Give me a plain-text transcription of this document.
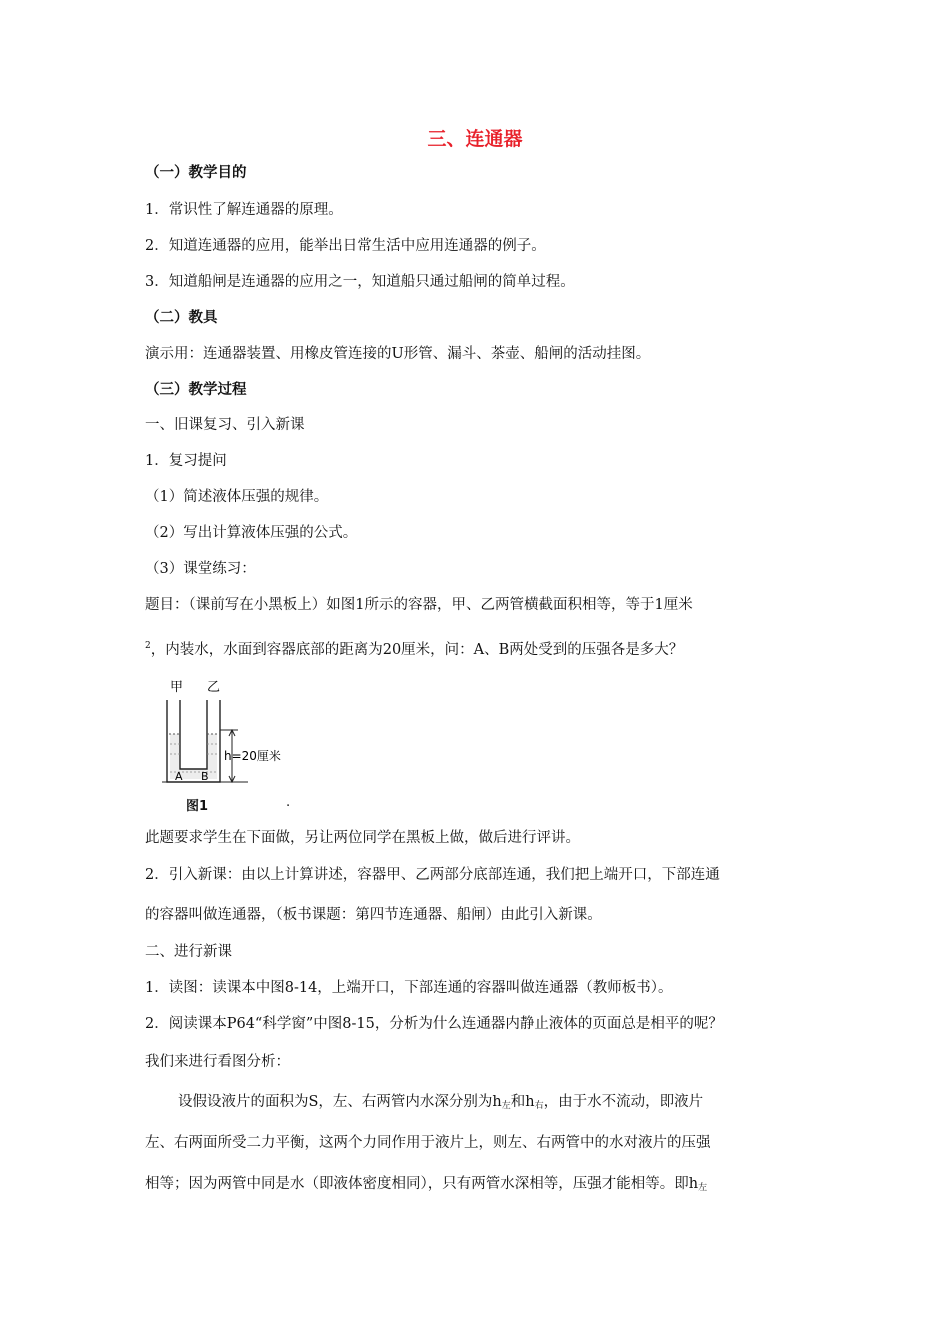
三、连通器
（一）教学目的
1．常识性了解连通器的原理。
2．知道连通器的应用，能举出日常生活中应用连通器的例子。
3．知道船闸是连通器的应用之一，知道船只通过船闸的简单过程。
（二）教具
演示用：连通器装置、用橡皮管连接的U形管、漏斗、茶壶、船闸的活动挂图。
（三）教学过程
一、旧课复习、引入新课
1．复习提问
（1）简述液体压强的规律。
（2）写出计算液体压强的公式。
（3）课堂练习：
题目：（课前写在小黑板上）如图1所示的容器，甲、乙两管横截面积相等，等于1厘米
$^2$，内装水，水面到容器底部的距离为20厘米，问：A、B两处受到的压强各是多大？
甲 乙
A B
h=20厘米
图1	.
此题要求学生在下面做，另让两位同学在黑板上做，做后进行评讲。
2．引入新课：由以上计算讲述，容器甲、乙两部分底部连通，我们把上端开口，下部连通
的容器叫做连通器，（板书课题：第四节连通器、船闸）由此引入新课。
二、进行新课
1．读图：读课本中图8-14，上端开口，下部连通的容器叫做连通器（教师板书）。
2．阅读课本P64“科学窗”中图8-15，分析为什么连通器内静止液体的页面总是相平的呢？
我们来进行看图分析：
设假设液片的面积为S，左、右两管内水深分别为$h_左$和$h_右$，由于水不流动，即液片
左、右两面所受二力平衡，这两个力同作用于液片上，则左、右两管中的水对液片的压强
相等；因为两管中同是水（即液体密度相同），只有两管水深相等，压强才能相等。即$h_左$
